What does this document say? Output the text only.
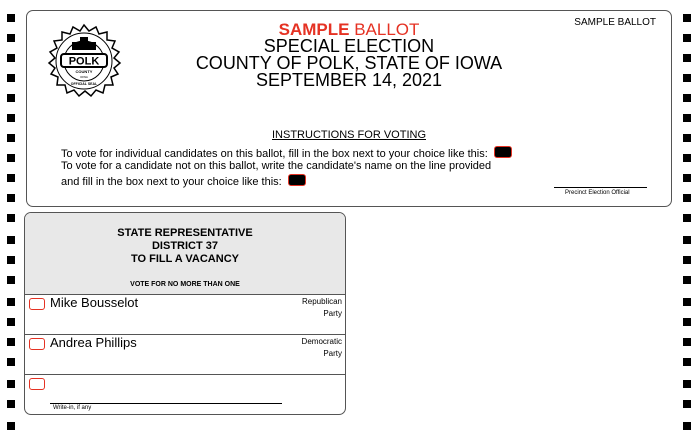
POLK
COUNTY
IOWA
OFFICIAL SEAL
SAMPLE BALLOT
SAMPLE BALLOT
SPECIAL ELECTION
COUNTY OF POLK, STATE OF IOWA
SEPTEMBER 14, 2021
INSTRUCTIONS FOR VOTING
To vote for individual candidates on this ballot, fill in the box next to your choice like this:
To vote for a candidate not on this ballot, write the candidate's name on the line provided
and fill in the box next to your choice like this:
Precinct Election Official
STATE REPRESENTATIVE
DISTRICT 37
TO FILL A VACANCY
VOTE FOR NO MORE THAN ONE
Mike Bousselot	Republican
Party
Andrea Phillips	Democratic
Party
Write-in, if any
